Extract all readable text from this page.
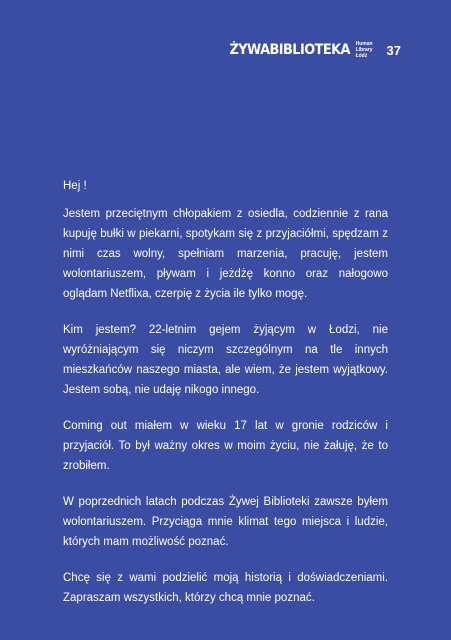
ŻYWABIBLIOTEKA Human
Library
Łódź	37

Hej !

Jestem przeciętnym chłopakiem z osiedla, codziennie z rana kupuję bułki w piekarni, spotykam się z przyjaciółmi, spędzam z nimi czas wolny, spełniam marzenia, pracuję, jestem wolontariuszem, pływam i jeżdżę konno oraz nałogowo oglądam Netflixa, czerpię z życia ile tylko mogę.

Kim jestem? 22-letnim gejem żyjącym w Łodzi, nie wyróżniającym się niczym szczególnym na tle innych mieszkańców naszego miasta, ale wiem, że jestem wyjątkowy. Jestem sobą, nie udaję nikogo innego.

Coming out miałem w wieku 17 lat w gronie rodziców i przyjaciół. To był ważny okres w moim życiu, nie żałuję, że to zrobiłem.

W poprzednich latach podczas Żywej Biblioteki zawsze byłem wolontariuszem. Przyciąga mnie klimat tego miejsca i ludzie, których mam możliwość poznać.

Chcę się z wami podzielić moją historią i doświadczeniami. Zapraszam wszystkich, którzy chcą mnie poznać.
